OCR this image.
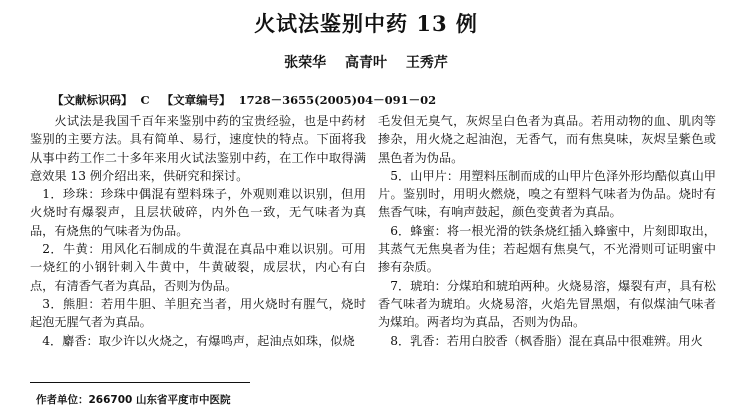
火试法鉴别中药 13 例
张荣华 高青叶 王秀芹
【文献标识码】 C 【文章编号】 1728－3655(2005)04－091－02

火试法是我国千百年来鉴别中药的宝贵经验，也是中药材鉴别的主要方法。具有简单、易行，速度快的特点。下面将我从事中药工作二十多年来用火试法鉴别中药，在工作中取得满意效果 13 例介绍出来，供研究和探讨。

1．珍珠：珍珠中偶混有塑料珠子，外观则难以识别，但用火烧时有爆裂声，且层状破碎，内外色一致，无气味者为真品，有烧焦的气味者为伪品。

2．牛黄：用风化石制成的牛黄混在真品中难以识别。可用一烧红的小钢针刺入牛黄中，牛黄破裂，成层状，内心有白点，有清香气者为真品，否则为伪品。

3．熊胆：若用牛胆、羊胆充当者，用火烧时有腥气，烧时起泡无腥气者为真品。

4．麝香：取少许以火烧之，有爆鸣声，起油点如珠，似烧

毛发但无臭气，灰烬呈白色者为真品。若用动物的血、肌肉等掺杂，用火烧之起油泡，无香气，而有焦臭味，灰烬呈紫色或黑色者为伪品。

5．山甲片：用塑料压制而成的山甲片色泽外形均酷似真山甲片。鉴别时，用明火燃烧，嗅之有塑料气味者为伪品。烧时有焦香气味，有响声鼓起，颜色变黄者为真品。

6．蜂蜜：将一根光滑的铁条烧红插入蜂蜜中，片刻即取出，其蒸气无焦臭者为佳；若起烟有焦臭气，不光滑则可证明蜜中掺有杂质。

7．琥珀：分煤珀和琥珀两种。火烧易溶，爆裂有声，具有松香气味者为琥珀。火烧易溶，火焰先冒黑烟，有似煤油气味者为煤珀。两者均为真品，否则为伪品。

8．乳香：若用白胶香（枫香脂）混在真品中很难辨。用火

作者单位：266700 山东省平度市中医院
